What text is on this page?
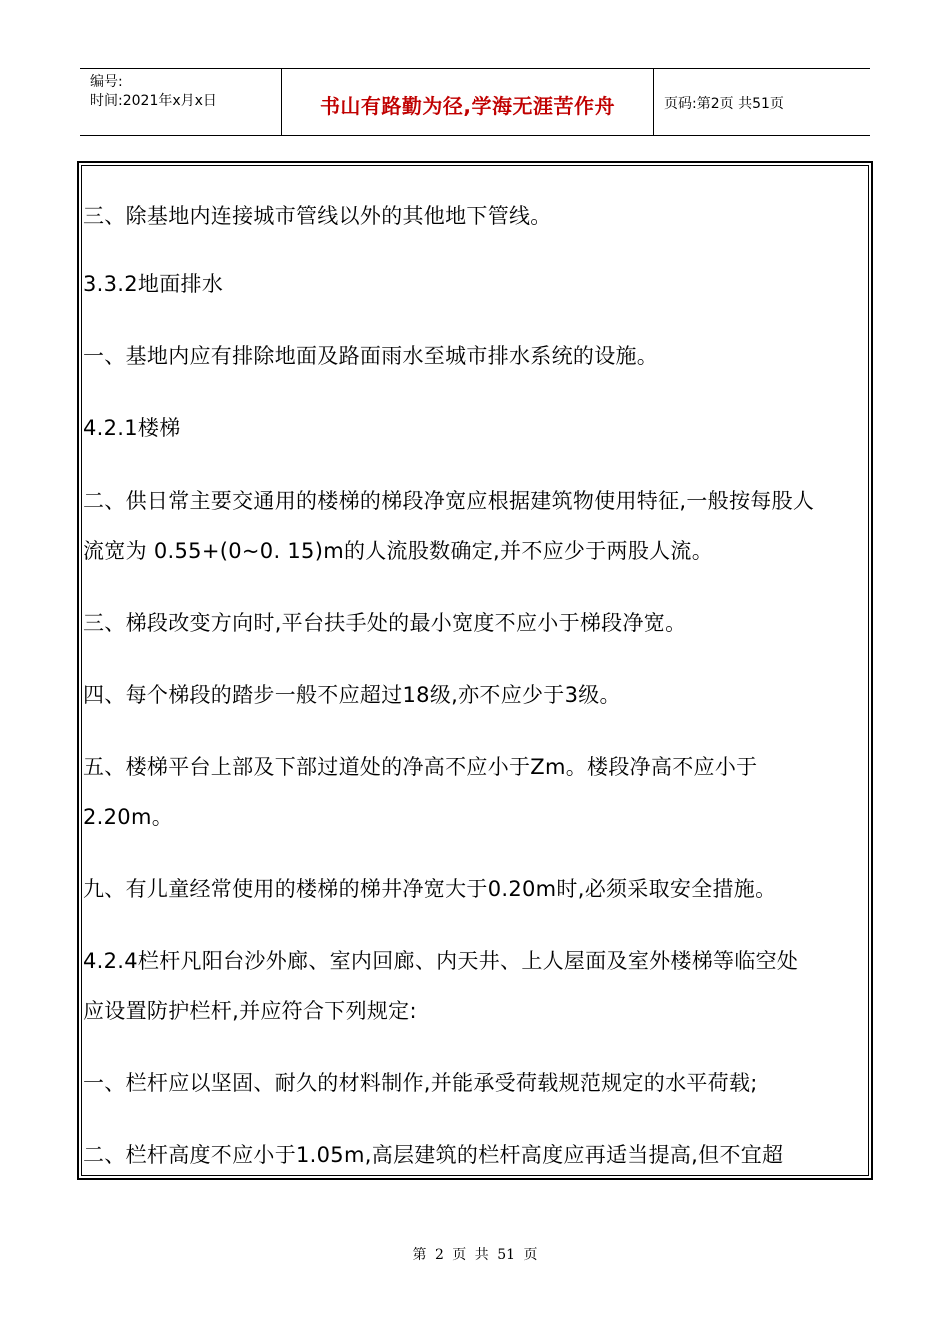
编号:
时间:2021年x月x日	书山有路勤为径,学海无涯苦作舟	页码:第2页 共51页
三、除基地内连接城市管线以外的其他地下管线。
3.3.2地面排水
一、基地内应有排除地面及路面雨水至城市排水系统的设施。
4.2.1楼梯
二、供日常主要交通用的楼梯的梯段净宽应根据建筑物使用特征,一般按每股人
流宽为 0.55+(0~0. 15)m的人流股数确定,并不应少于两股人流。
三、梯段改变方向时,平台扶手处的最小宽度不应小于梯段净宽。
四、每个梯段的踏步一般不应超过18级,亦不应少于3级。
五、楼梯平台上部及下部过道处的净高不应小于Zm。楼段净高不应小于
2.20m。
九、有儿童经常使用的楼梯的梯井净宽大于0.20m时,必须采取安全措施。
4.2.4栏杆凡阳台沙外廊、室内回廊、内天井、上人屋面及室外楼梯等临空处
应设置防护栏杆,并应符合下列规定:
一、栏杆应以坚固、耐久的材料制作,并能承受荷载规范规定的水平荷载;
二、栏杆高度不应小于1.05m,高层建筑的栏杆高度应再适当提高,但不宜超
第 2 页 共 51 页
